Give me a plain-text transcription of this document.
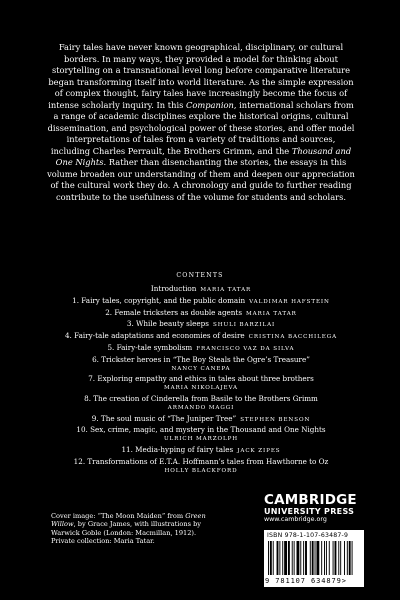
Fairy tales have never known geographical, disciplinary, or cultural borders. In many ways, they provided a model for thinking about storytelling on a transnational level long before comparative literature began transforming itself into world literature. As the simple expression of complex thought, fairy tales have increasingly become the focus of intense scholarly inquiry. In this Companion, international scholars from a range of academic disciplines explore the historical origins, cultural dissemination, and psychological power of these stories, and offer model interpretations of tales from a variety of traditions and sources, including Charles Perrault, the Brothers Grimm, and the Thousand and One Nights. Rather than disenchanting the stories, the essays in this volume broaden our understanding of them and deepen our appreciation of the cultural work they do. A chronology and guide to further reading contribute to the usefulness of the volume for students and scholars.

CONTENTS
Introduction MARIA TATAR
1. Fairy tales, copyright, and the public domain VALDIMAR HAFSTEIN
2. Female tricksters as double agents MARIA TATAR
3. While beauty sleeps SHULI BARZILAI
4. Fairy-tale adaptations and economies of desire CRISTINA BACCHILEGA
5. Fairy-tale symbolism FRANCISCO VAZ DA SILVA
6. Trickster heroes in “The Boy Steals the Ogre’s Treasure”
NANCY CANEPA
7. Exploring empathy and ethics in tales about three brothers
MARIA NIKOLAJEVA
8. The creation of Cinderella from Basile to the Brothers Grimm
ARMANDO MAGGI
9. The soul music of “The Juniper Tree” STEPHEN BENSON
10. Sex, crime, magic, and mystery in the Thousand and One Nights
ULRICH MARZOLPH
11. Media-hyping of fairy tales JACK ZIPES
12. Transformations of E.T.A. Hoffmann’s tales from Hawthorne to Oz
HOLLY BLACKFORD
Cover image: “The Moon Maiden” from Green Willow, by Grace James, with illustrations by Warwick Goble (London: Macmillan, 1912). Private collection: Maria Tatar.
CAMBRIDGE
UNIVERSITY PRESS
www.cambridge.org
ISBN 978-1-107-63487-9
9 781107 634879>
